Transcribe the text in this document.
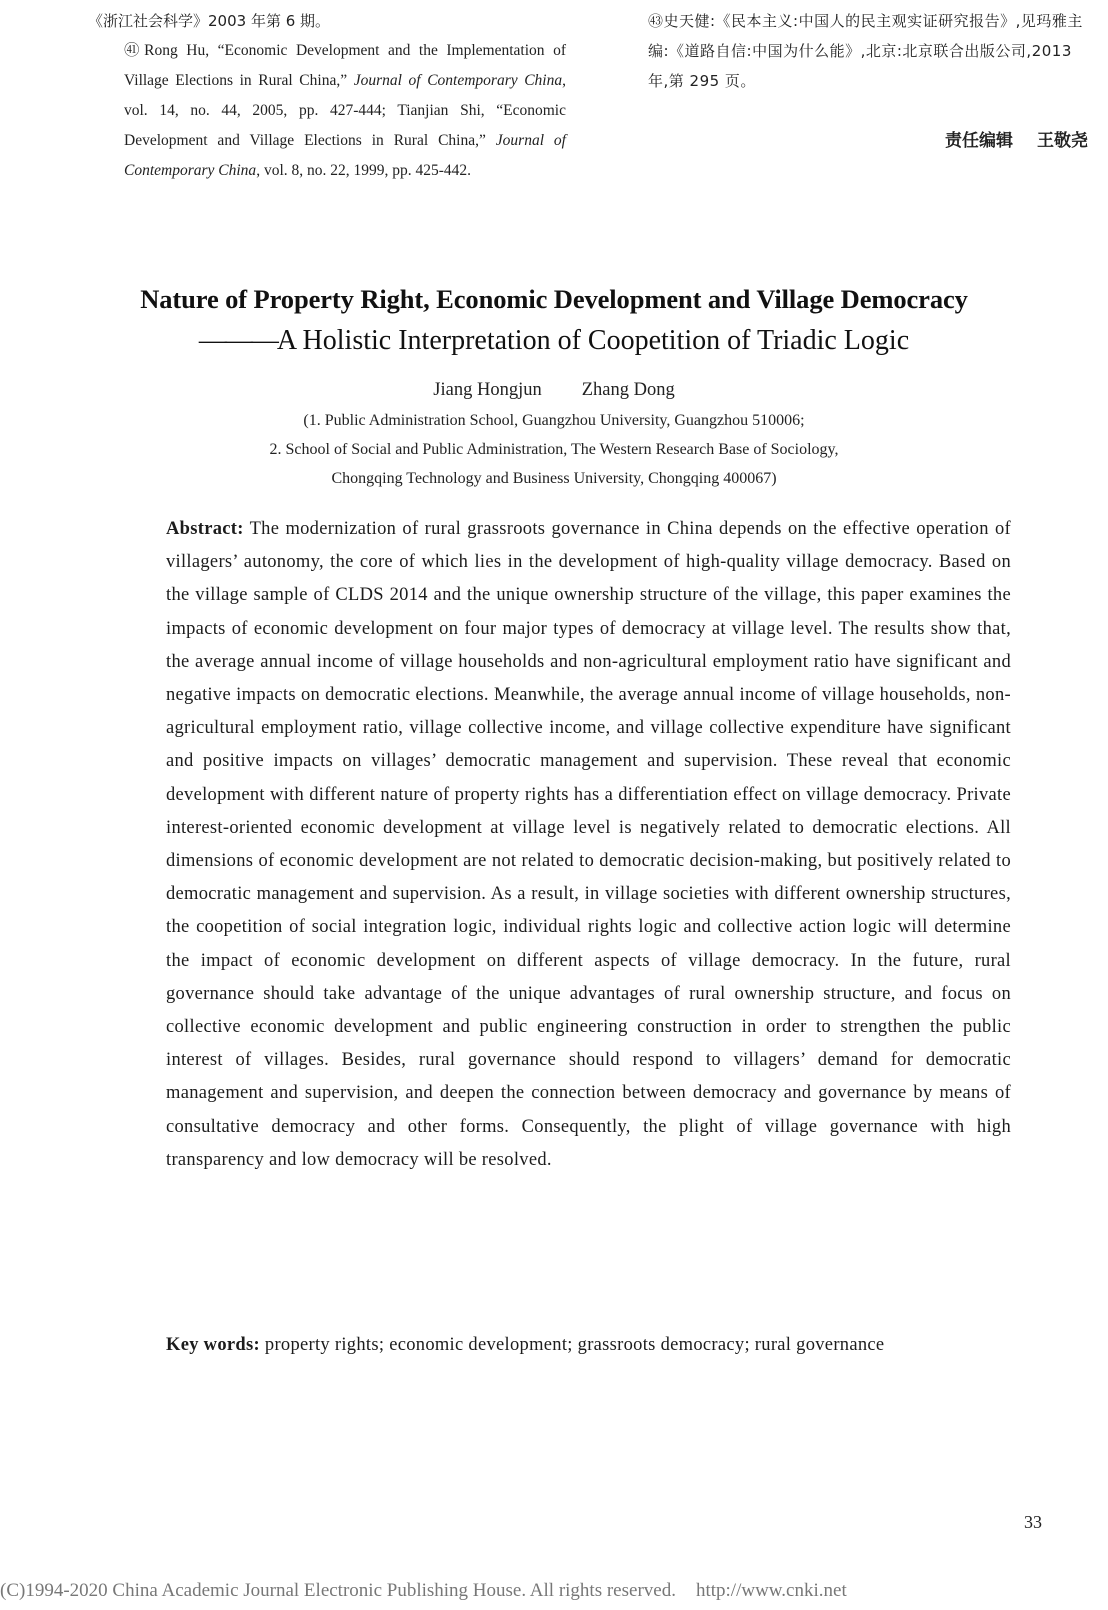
《浙江社会科学》2003 年第 6 期。
㊶Rong Hu, “Economic Development and the Implementation of Village Elections in Rural China,” Journal of Contemporary China, vol. 14, no. 44, 2005, pp. 427-444; Tianjian Shi, “Economic Development and Village Elections in Rural China,” Journal of Contemporary China, vol. 8, no. 22, 1999, pp. 425-442.
㊸史天健:《民本主义:中国人的民主观实证研究报告》,见玛雅主编:《道路自信:中国为什么能》,北京:北京联合出版公司,2013 年,第 295 页。
责任编辑 王敬尧
Nature of Property Right, Economic Development and Village Democracy
———A Holistic Interpretation of Coopetition of Triadic Logic
Jiang Hongjun Zhang Dong
(1. Public Administration School, Guangzhou University, Guangzhou 510006;
2. School of Social and Public Administration, The Western Research Base of Sociology,
Chongqing Technology and Business University, Chongqing 400067)
Abstract: The modernization of rural grassroots governance in China depends on the effective operation of villagers’ autonomy, the core of which lies in the development of high-quality village democracy. Based on the village sample of CLDS 2014 and the unique ownership structure of the village, this paper examines the impacts of economic development on four major types of democracy at village level. The results show that, the average annual income of village households and non-agricultural employment ratio have significant and negative impacts on democratic elections. Meanwhile, the average annual income of village households, non-agricultural employment ratio, village collective income, and village collective expenditure have significant and positive impacts on villages’ democratic management and supervision. These reveal that economic development with different nature of property rights has a differentiation effect on village democracy. Private interest-oriented economic development at village level is negatively related to democratic elections. All dimensions of economic development are not related to democratic decision-making, but positively related to democratic management and supervision. As a result, in village societies with different ownership structures, the coopetition of social integration logic, individual rights logic and collective action logic will determine the impact of economic development on different aspects of village democracy. In the future, rural governance should take advantage of the unique advantages of rural ownership structure, and focus on collective economic development and public engineering construction in order to strengthen the public interest of villages. Besides, rural governance should respond to villagers’ demand for democratic management and supervision, and deepen the connection between democracy and governance by means of consultative democracy and other forms. Consequently, the plight of village governance with high transparency and low democracy will be resolved.
Key words: property rights; economic development; grassroots democracy; rural governance
33
(C)1994-2020 China Academic Journal Electronic Publishing House. All rights reserved. http://www.cnki.net
